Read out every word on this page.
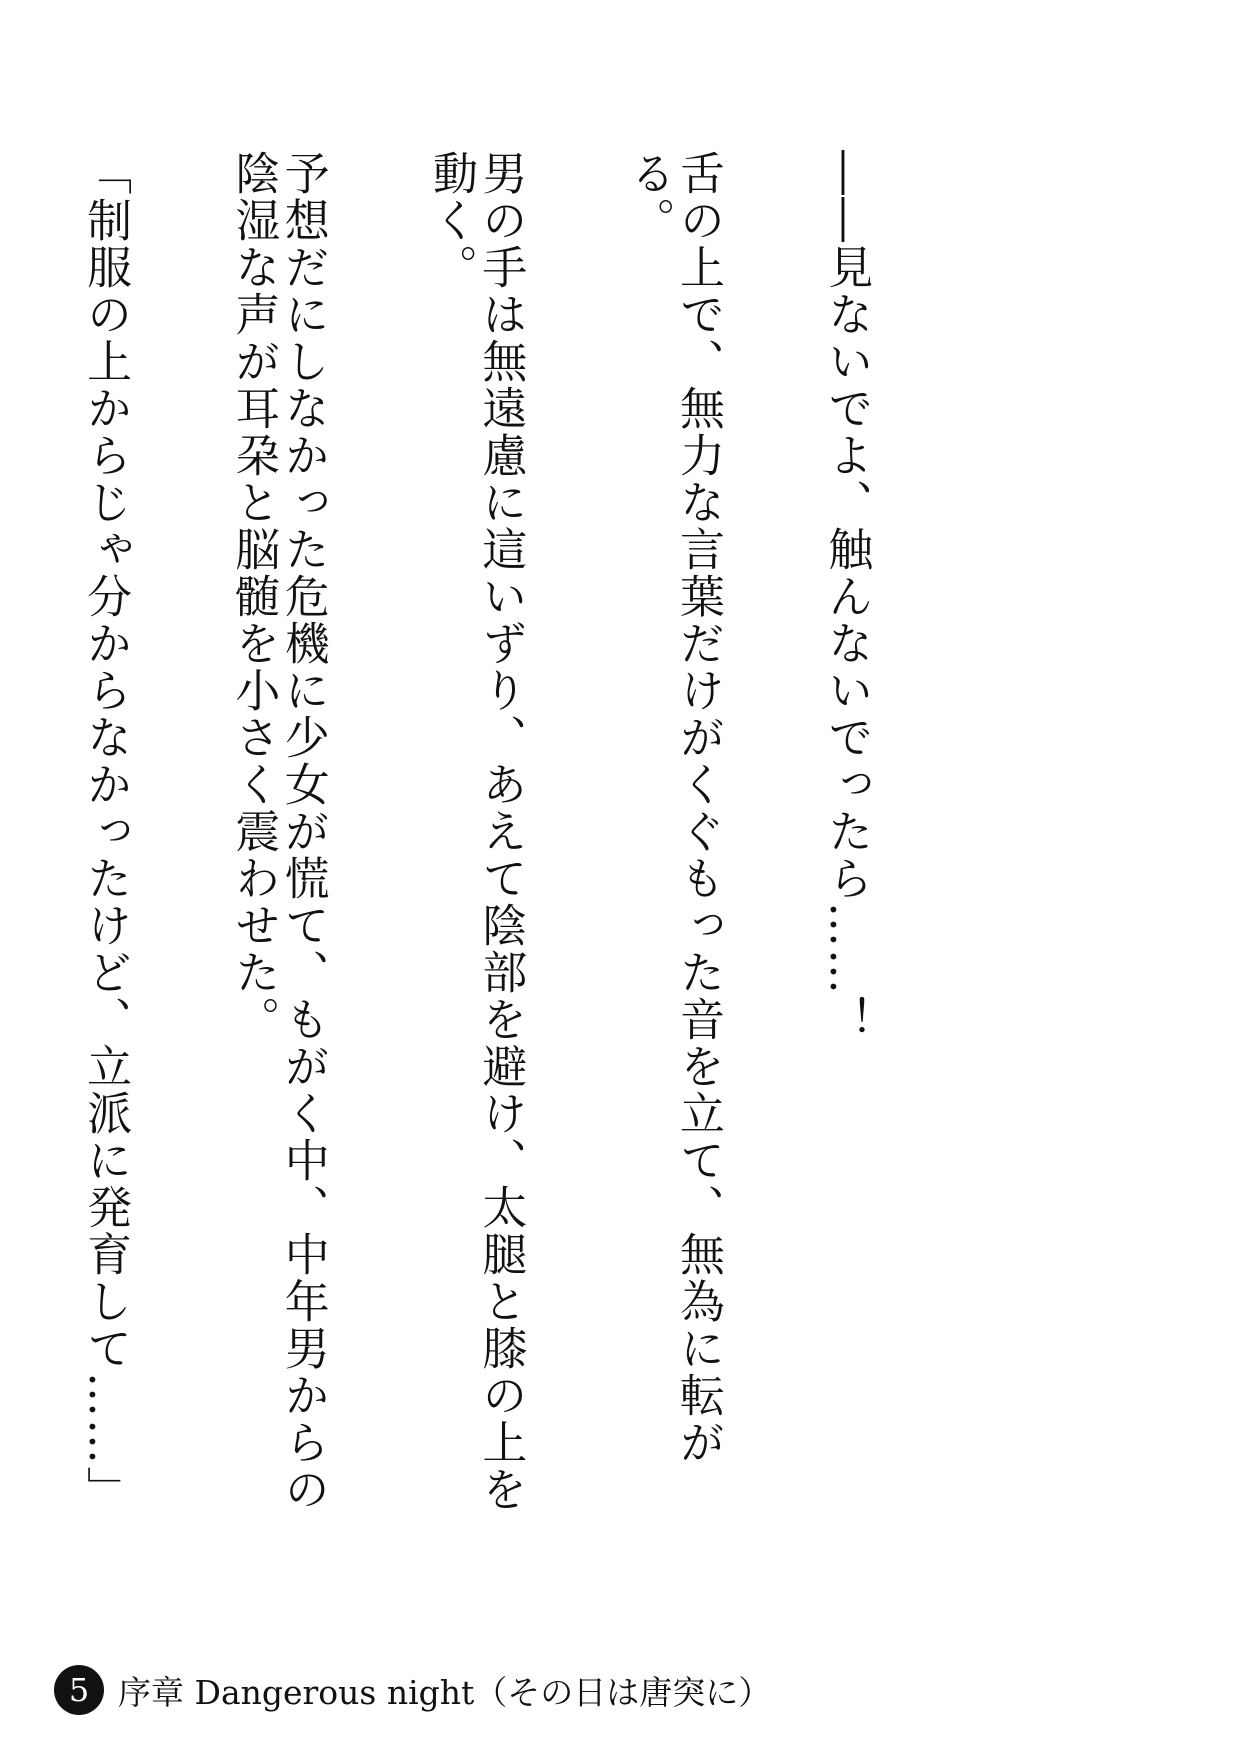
――見ないでよ、触んないでったら……！

舌の上で、無力な言葉だけがくぐもった音を立て、無為に転がる。

男の手は無遠慮に這いずり、あえて陰部を避け、太腿と膝の上を動く。

予想だにしなかった危機に少女が慌て、もがく中、中年男からの陰湿な声が耳朶と脳髄を小さく震わせた。

「制服の上からじゃ分からなかったけど、立派に発育して……」

5 序章 Dangerous night（その日は唐突に）
